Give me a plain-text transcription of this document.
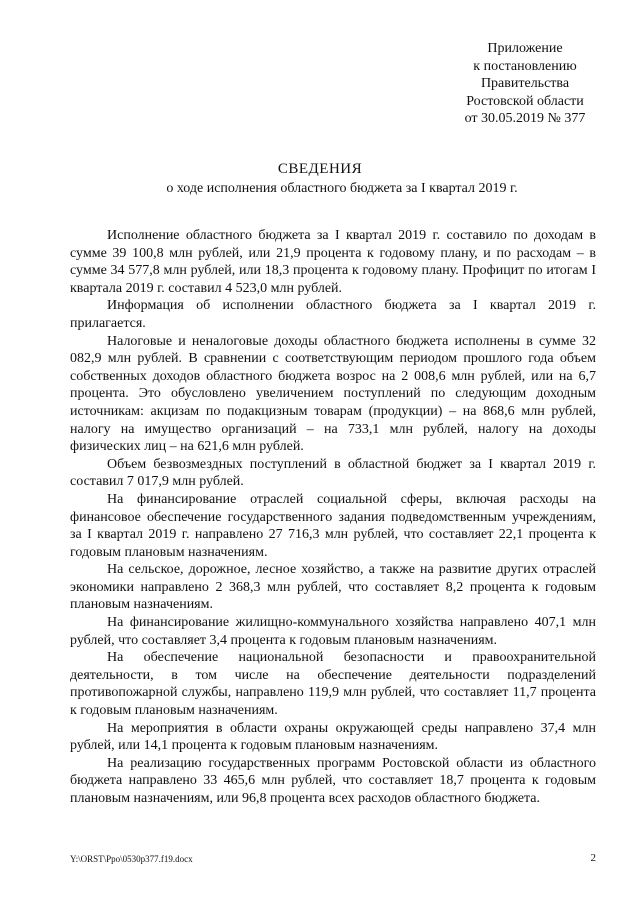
Приложение
к постановлению
Правительства
Ростовской области
от 30.05.2019 № 377
СВЕДЕНИЯ
о ходе исполнения областного бюджета за I квартал 2019 г.

Исполнение областного бюджета за I квартал 2019 г. составило по доходам в сумме 39 100,8 млн рублей, или 21,9 процента к годовому плану, и по расходам – в сумме 34 577,8 млн рублей, или 18,3 процента к годовому плану. Профицит по итогам I квартала 2019 г. составил 4 523,0 млн рублей.

Информация об исполнении областного бюджета за I квартал 2019 г. прилагается.

Налоговые и неналоговые доходы областного бюджета исполнены в сумме 32 082,9 млн рублей. В сравнении с соответствующим периодом прошлого года объем собственных доходов областного бюджета возрос на 2 008,6 млн рублей, или на 6,7 процента. Это обусловлено увеличением поступлений по следующим доходным источникам: акцизам по подакцизным товарам (продукции) – на 868,6 млн рублей, налогу на имущество организаций – на 733,1 млн рублей, налогу на доходы физических лиц – на 621,6 млн рублей.

Объем безвозмездных поступлений в областной бюджет за I квартал 2019 г. составил 7 017,9 млн рублей.

На финансирование отраслей социальной сферы, включая расходы на финансовое обеспечение государственного задания подведомственным учреждениям, за I квартал 2019 г. направлено 27 716,3 млн рублей, что составляет 22,1 процента к годовым плановым назначениям.

На сельское, дорожное, лесное хозяйство, а также на развитие других отраслей экономики направлено 2 368,3 млн рублей, что составляет 8,2 процента к годовым плановым назначениям.

На финансирование жилищно-коммунального хозяйства направлено 407,1 млн рублей, что составляет 3,4 процента к годовым плановым назначениям.

На обеспечение национальной безопасности и правоохранительной деятельности, в том числе на обеспечение деятельности подразделений противопожарной службы, направлено 119,9 млн рублей, что составляет 11,7 процента к годовым плановым назначениям.

На мероприятия в области охраны окружающей среды направлено 37,4 млн рублей, или 14,1 процента к годовым плановым назначениям.

На реализацию государственных программ Ростовской области из областного бюджета направлено 33 465,6 млн рублей, что составляет 18,7 процента к годовым плановым назначениям, или 96,8 процента всех расходов областного бюджета.

Y:\ORST\Ppo\0530p377.f19.docx	2
